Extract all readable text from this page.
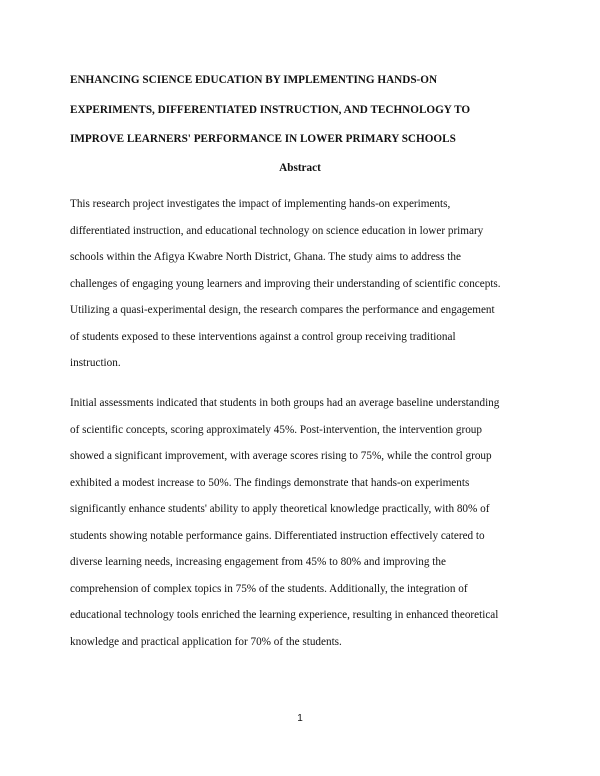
ENHANCING SCIENCE EDUCATION BY IMPLEMENTING HANDS-ON
EXPERIMENTS, DIFFERENTIATED INSTRUCTION, AND TECHNOLOGY TO
IMPROVE LEARNERS' PERFORMANCE IN LOWER PRIMARY SCHOOLS
Abstract
This research project investigates the impact of implementing hands-on experiments,
differentiated instruction, and educational technology on science education in lower primary
schools within the Afigya Kwabre North District, Ghana. The study aims to address the
challenges of engaging young learners and improving their understanding of scientific concepts.
Utilizing a quasi-experimental design, the research compares the performance and engagement
of students exposed to these interventions against a control group receiving traditional
instruction.
Initial assessments indicated that students in both groups had an average baseline understanding
of scientific concepts, scoring approximately 45%. Post-intervention, the intervention group
showed a significant improvement, with average scores rising to 75%, while the control group
exhibited a modest increase to 50%. The findings demonstrate that hands-on experiments
significantly enhance students' ability to apply theoretical knowledge practically, with 80% of
students showing notable performance gains. Differentiated instruction effectively catered to
diverse learning needs, increasing engagement from 45% to 80% and improving the
comprehension of complex topics in 75% of the students. Additionally, the integration of
educational technology tools enriched the learning experience, resulting in enhanced theoretical
knowledge and practical application for 70% of the students.
1
